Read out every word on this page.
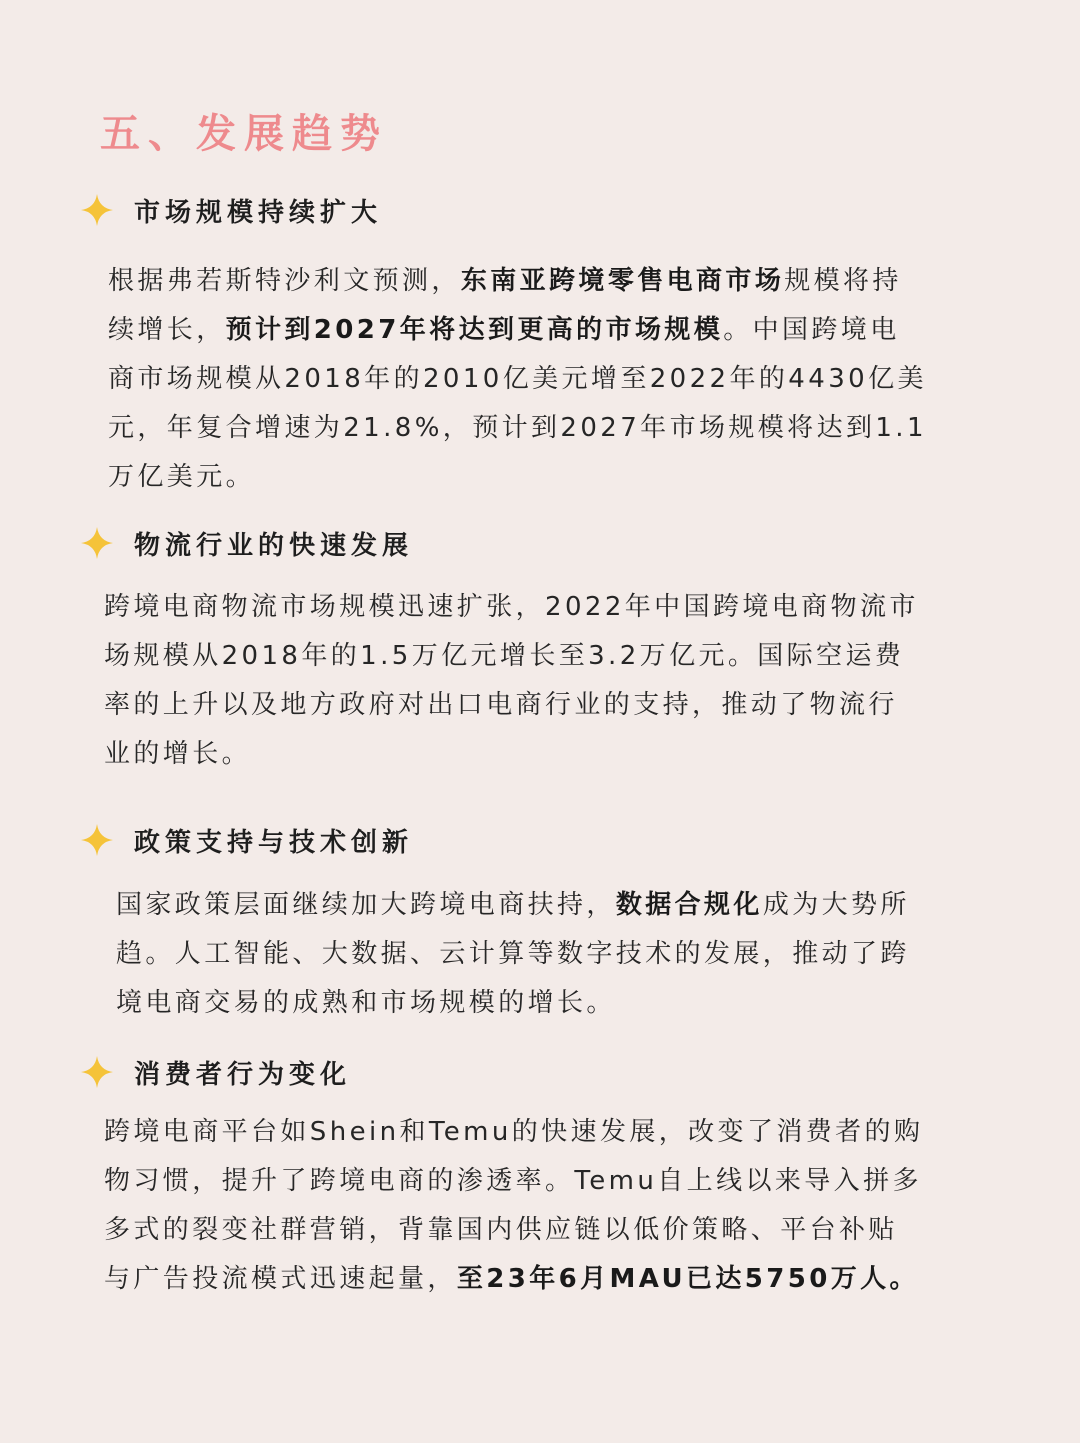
五、发展趋势
市场规模持续扩大
根据弗若斯特沙利文预测，东南亚跨境零售电商市场规模将持
续增长，预计到2027年将达到更高的市场规模。中国跨境电
商市场规模从2018年的2010亿美元增至2022年的4430亿美
元，年复合增速为21.8%，预计到2027年市场规模将达到1.1
万亿美元。
物流行业的快速发展
跨境电商物流市场规模迅速扩张，2022年中国跨境电商物流市
场规模从2018年的1.5万亿元增长至3.2万亿元。国际空运费
率的上升以及地方政府对出口电商行业的支持，推动了物流行
业的增长。
政策支持与技术创新
国家政策层面继续加大跨境电商扶持，数据合规化成为大势所
趋。人工智能、大数据、云计算等数字技术的发展，推动了跨
境电商交易的成熟和市场规模的增长。
消费者行为变化
跨境电商平台如Shein和Temu的快速发展，改变了消费者的购
物习惯，提升了跨境电商的渗透率。Temu自上线以来导入拼多
多式的裂变社群营销，背靠国内供应链以低价策略、平台补贴
与广告投流模式迅速起量，至23年6月MAU已达5750万人。
